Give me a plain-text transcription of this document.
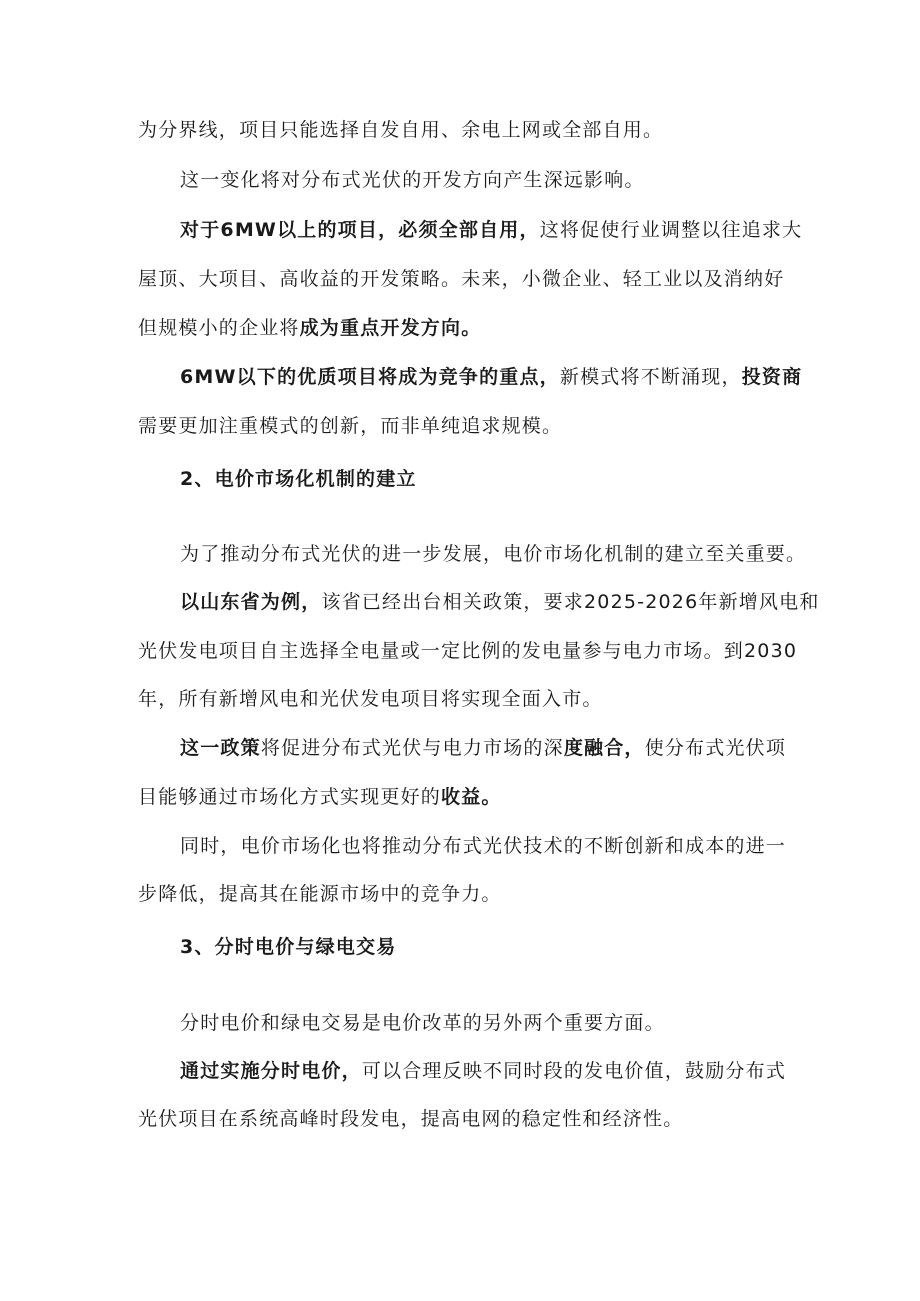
为分界线，项目只能选择自发自用、余电上网或全部自用。
这一变化将对分布式光伏的开发方向产生深远影响。
对于6MW以上的项目，必须全部自用，这将促使行业调整以往追求大
屋顶、大项目、高收益的开发策略。未来，小微企业、轻工业以及消纳好
但规模小的企业将成为重点开发方向。
6MW以下的优质项目将成为竞争的重点，新模式将不断涌现，投资商
需要更加注重模式的创新，而非单纯追求规模。
2、电价市场化机制的建立
为了推动分布式光伏的进一步发展，电价市场化机制的建立至关重要。
以山东省为例，该省已经出台相关政策，要求2025-2026年新增风电和
光伏发电项目自主选择全电量或一定比例的发电量参与电力市场。到2030
年，所有新增风电和光伏发电项目将实现全面入市。
这一政策将促进分布式光伏与电力市场的深度融合，使分布式光伏项
目能够通过市场化方式实现更好的收益。
同时，电价市场化也将推动分布式光伏技术的不断创新和成本的进一
步降低，提高其在能源市场中的竞争力。
3、分时电价与绿电交易
分时电价和绿电交易是电价改革的另外两个重要方面。
通过实施分时电价，可以合理反映不同时段的发电价值，鼓励分布式
光伏项目在系统高峰时段发电，提高电网的稳定性和经济性。
